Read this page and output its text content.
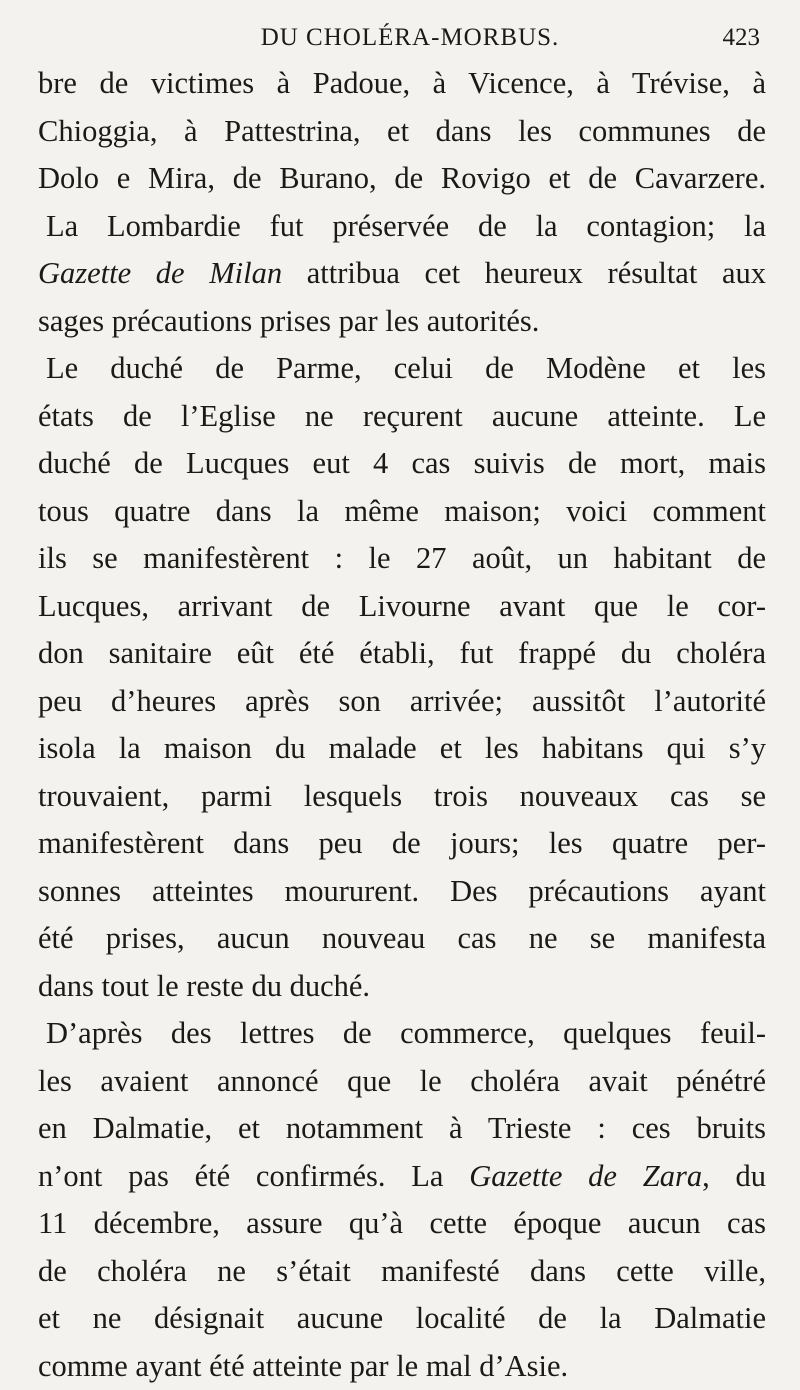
DU CHOLÉRA-MORBUS.	423
bre de victimes à Padoue, à Vicence, à Trévise, à
Chioggia, à Pattestrina, et dans les communes de
Dolo e Mira, de Burano, de Rovigo et de Cavarzere.
La Lombardie fut préservée de la contagion; la
Gazette de Milan attribua cet heureux résultat aux
sages précautions prises par les autorités.
Le duché de Parme, celui de Modène et les
états de l’Eglise ne reçurent aucune atteinte. Le
duché de Lucques eut 4 cas suivis de mort, mais
tous quatre dans la même maison; voici comment
ils se manifestèrent : le 27 août, un habitant de
Lucques, arrivant de Livourne avant que le cor-
don sanitaire eût été établi, fut frappé du choléra
peu d’heures après son arrivée; aussitôt l’autorité
isola la maison du malade et les habitans qui s’y
trouvaient, parmi lesquels trois nouveaux cas se
manifestèrent dans peu de jours; les quatre per-
sonnes atteintes moururent. Des précautions ayant
été prises, aucun nouveau cas ne se manifesta
dans tout le reste du duché.
D’après des lettres de commerce, quelques feuil-
les avaient annoncé que le choléra avait pénétré
en Dalmatie, et notamment à Trieste : ces bruits
n’ont pas été confirmés. La Gazette de Zara, du
11 décembre, assure qu’à cette époque aucun cas
de choléra ne s’était manifesté dans cette ville,
et ne désignait aucune localité de la Dalmatie
comme ayant été atteinte par le mal d’Asie.
